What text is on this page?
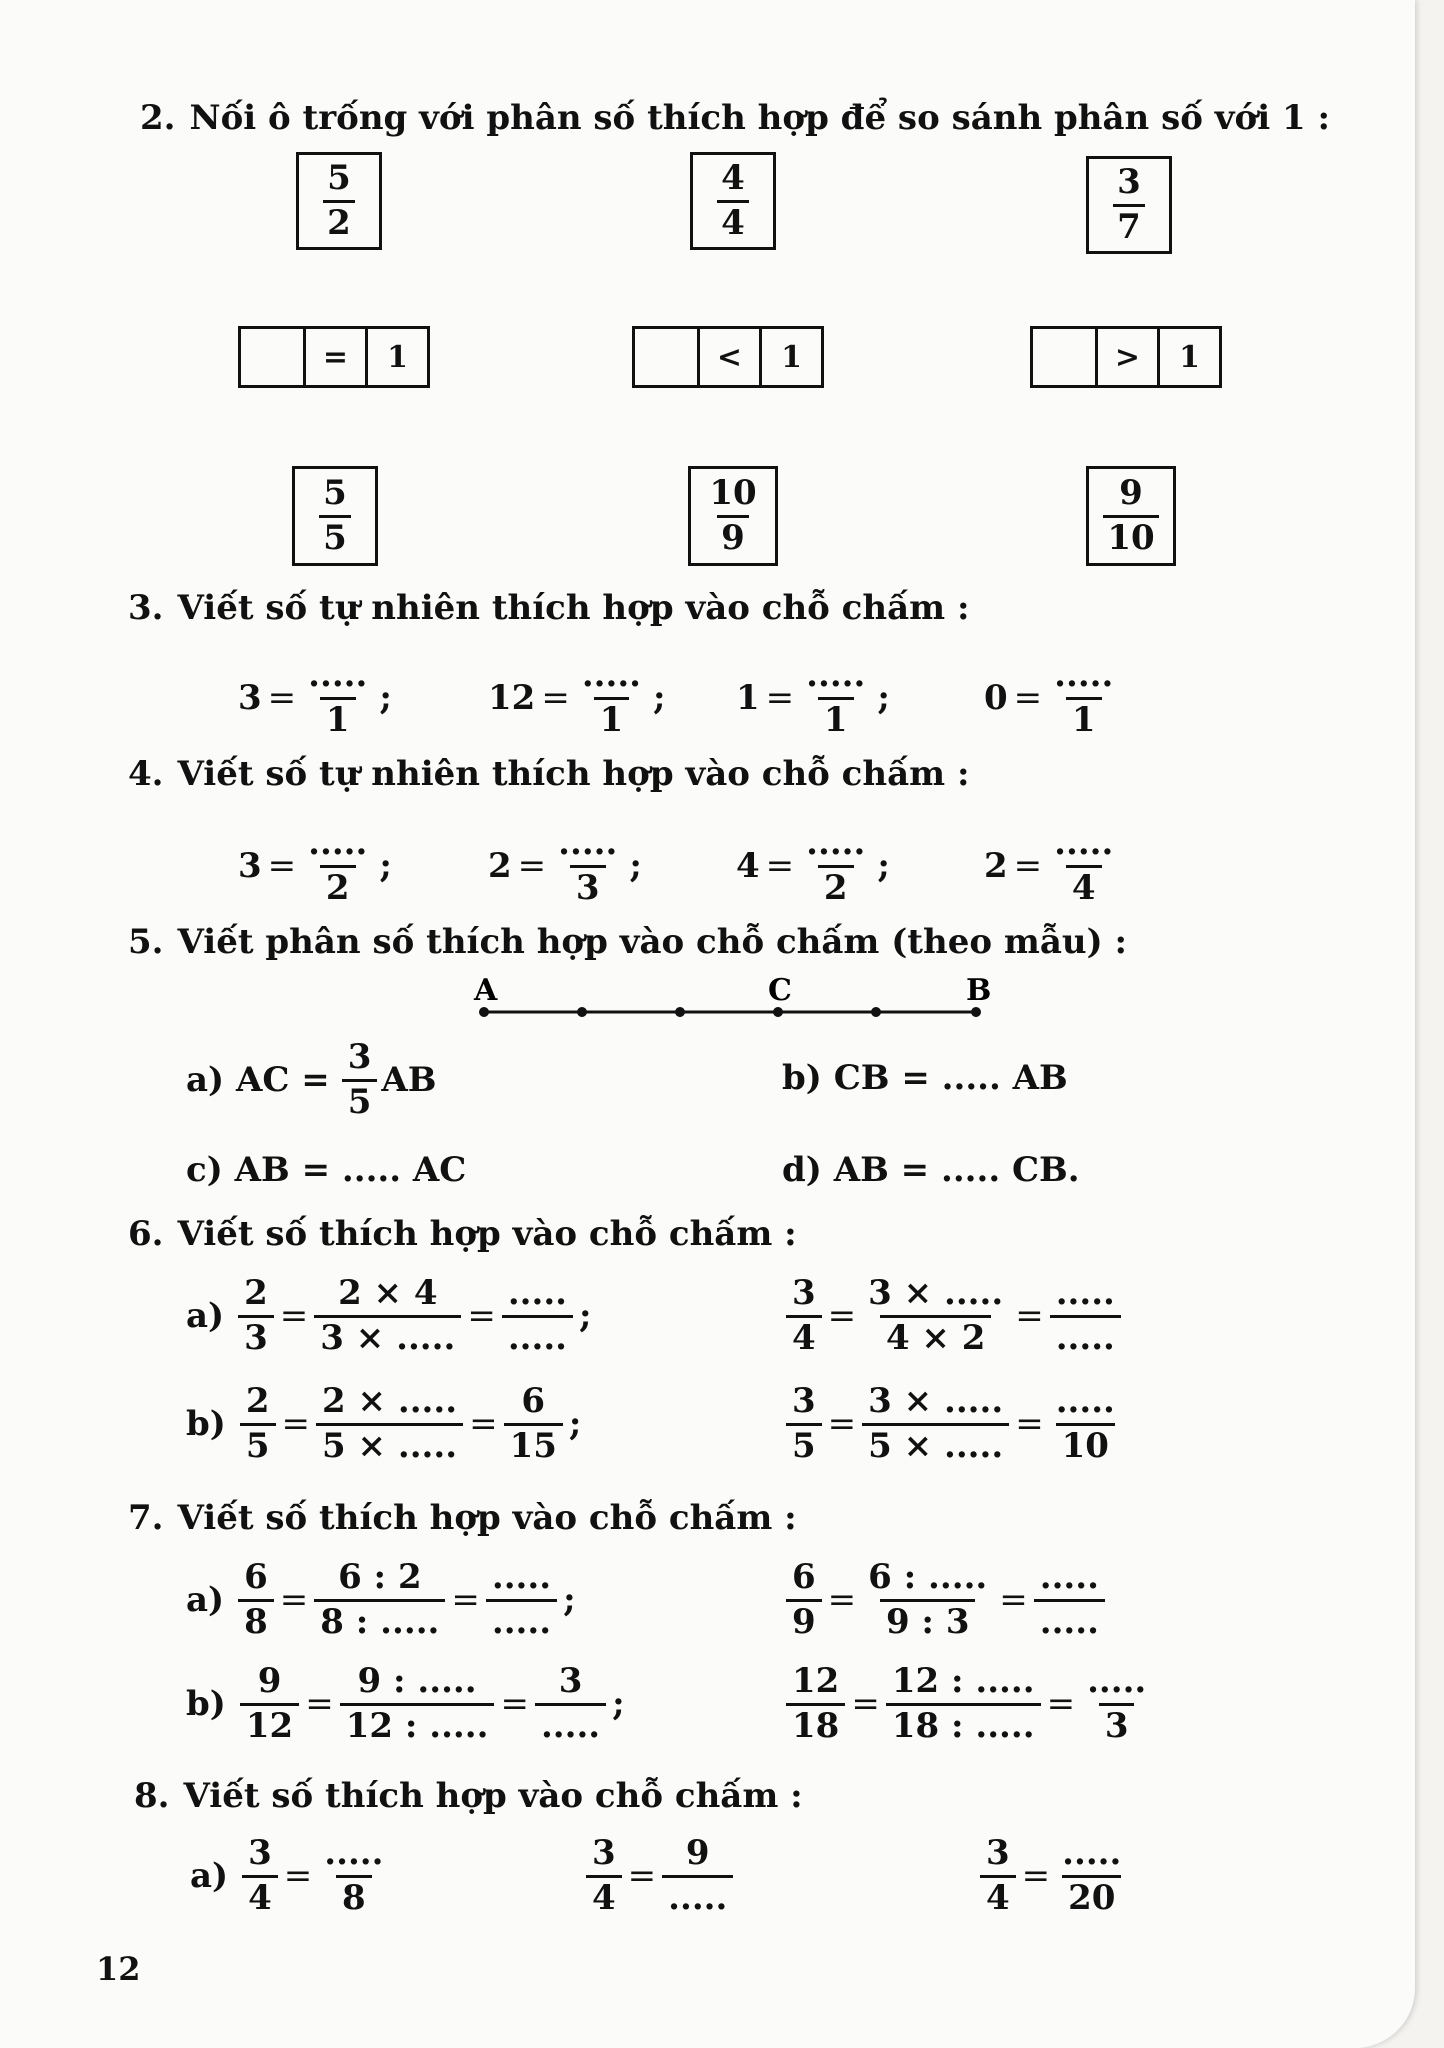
2. Nối ô trống với phân số thích hợp để so sánh phân số với 1 :
$\frac{5}{2}$	$\frac{4}{4}$	$\frac{3}{7}$
=	1	<	1	>	1
$\frac{5}{5}$	$\frac{10}{9}$	$\frac{9}{10}$
3. Viết số tự nhiên thích hợp vào chỗ chấm :
$3 = \frac{.....}{1}$ ;	$12 = \frac{.....}{1}$ ; $1 = \frac{.....}{1}$ ;	$0 = \frac{.....}{1}$
4. Viết số tự nhiên thích hợp vào chỗ chấm :
$3 = \frac{.....}{2}$ ;	$2 = \frac{.....}{3}$ ;	$4 = \frac{.....}{2}$ ;	$2 = \frac{.....}{4}$
5. Viết phân số thích hợp vào chỗ chấm (theo mẫu) :
A	C	B
a) AC = $\frac{3}{5}$ AB	b) CB = ..... AB
c) AB = ..... AC	d) AB = ..... CB.
6. Viết số thích hợp vào chỗ chấm :
$a) \frac{2}{3} = \frac{2 \times 4}{3 \times .....} = \frac{.....}{.....}$ ;	$\frac{3}{4} = \frac{3 \times .....}{4 \times 2} = \frac{.....}{.....}$
$b) \frac{2}{5} = \frac{2 \times .....}{5 \times .....} = \frac{6}{15}$ ;	$\frac{3}{5} = \frac{3 \times .....}{5 \times .....} = \frac{.....}{10}$
7. Viết số thích hợp vào chỗ chấm :
$a) \frac{6}{8} = \frac{6 : 2}{8 : .....} = \frac{.....}{.....}$ ;	$\frac{6}{9} = \frac{6 : .....}{9 : 3} = \frac{.....}{.....}$
$b) \frac{9}{12} = \frac{9 : .....}{12 : .....} = \frac{3}{.....}$ ;	$\frac{12}{18} = \frac{12 : .....}{18 : .....} = \frac{.....}{3}$
8. Viết số thích hợp vào chỗ chấm :
$a) \frac{3}{4} = \frac{.....}{8}$	$\frac{3}{4} = \frac{9}{.....}$	$\frac{3}{4} = \frac{.....}{20}$
12
